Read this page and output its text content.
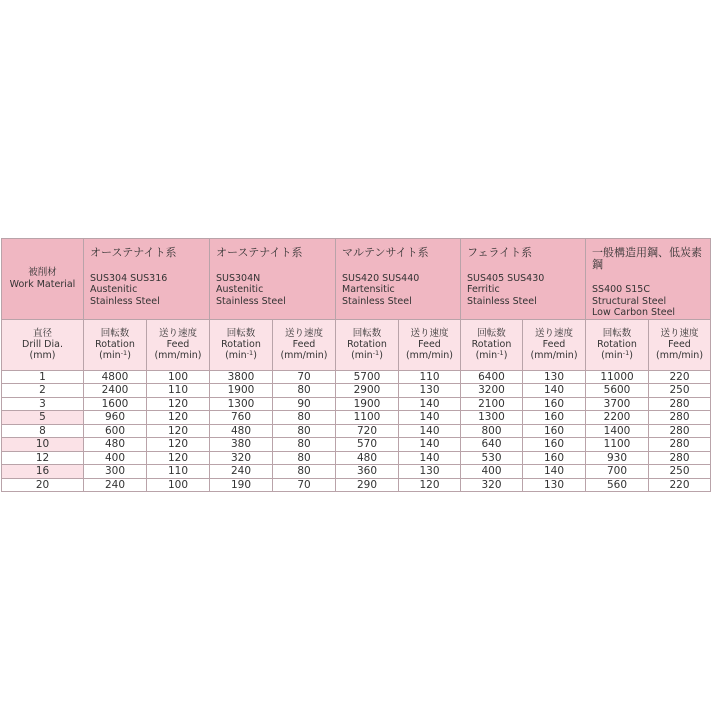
被削材
Work Material	オーステナイト系
SUS304 SUS316
Austenitic
Stainless Steel		オーステナイト系
SUS304N
Austenitic
Stainless Steel		マルテンサイト系
SUS420 SUS440
Martensitic
Stainless Steel		フェライト系
SUS405 SUS430
Ferritic
Stainless Steel		一般構造用鋼、低炭素鋼
SS400 S15C
Structural Steel
Low Carbon Steel	

直径
Drill Dia.
(mm)	回転数
Rotation
$(\min^{-1})$	送り速度
Feed
(mm/min)	回転数
Rotation
$(\min^{-1})$	送り速度
Feed
(mm/min)	回転数
Rotation
$(\min^{-1})$	送り速度
Feed
(mm/min)	回転数
Rotation
$(\min^{-1})$	送り速度
Feed
(mm/min)	回転数
Rotation
$(\min^{-1})$	送り速度
Feed
(mm/min)

1	4800	100	3800	70	5700	110	6400	130	11000	220
2	2400	110	1900	80	2900	130	3200	140	5600	250
3	1600	120	1300	90	1900	140	2100	160	3700	280
5	960	120	760	80	1100	140	1300	160	2200	280
8	600	120	480	80	720	140	800	160	1400	280
10	480	120	380	80	570	140	640	160	1100	280
12	400	120	320	80	480	140	530	160	930	280
16	300	110	240	80	360	130	400	140	700	250
20	240	100	190	70	290	120	320	130	560	220
